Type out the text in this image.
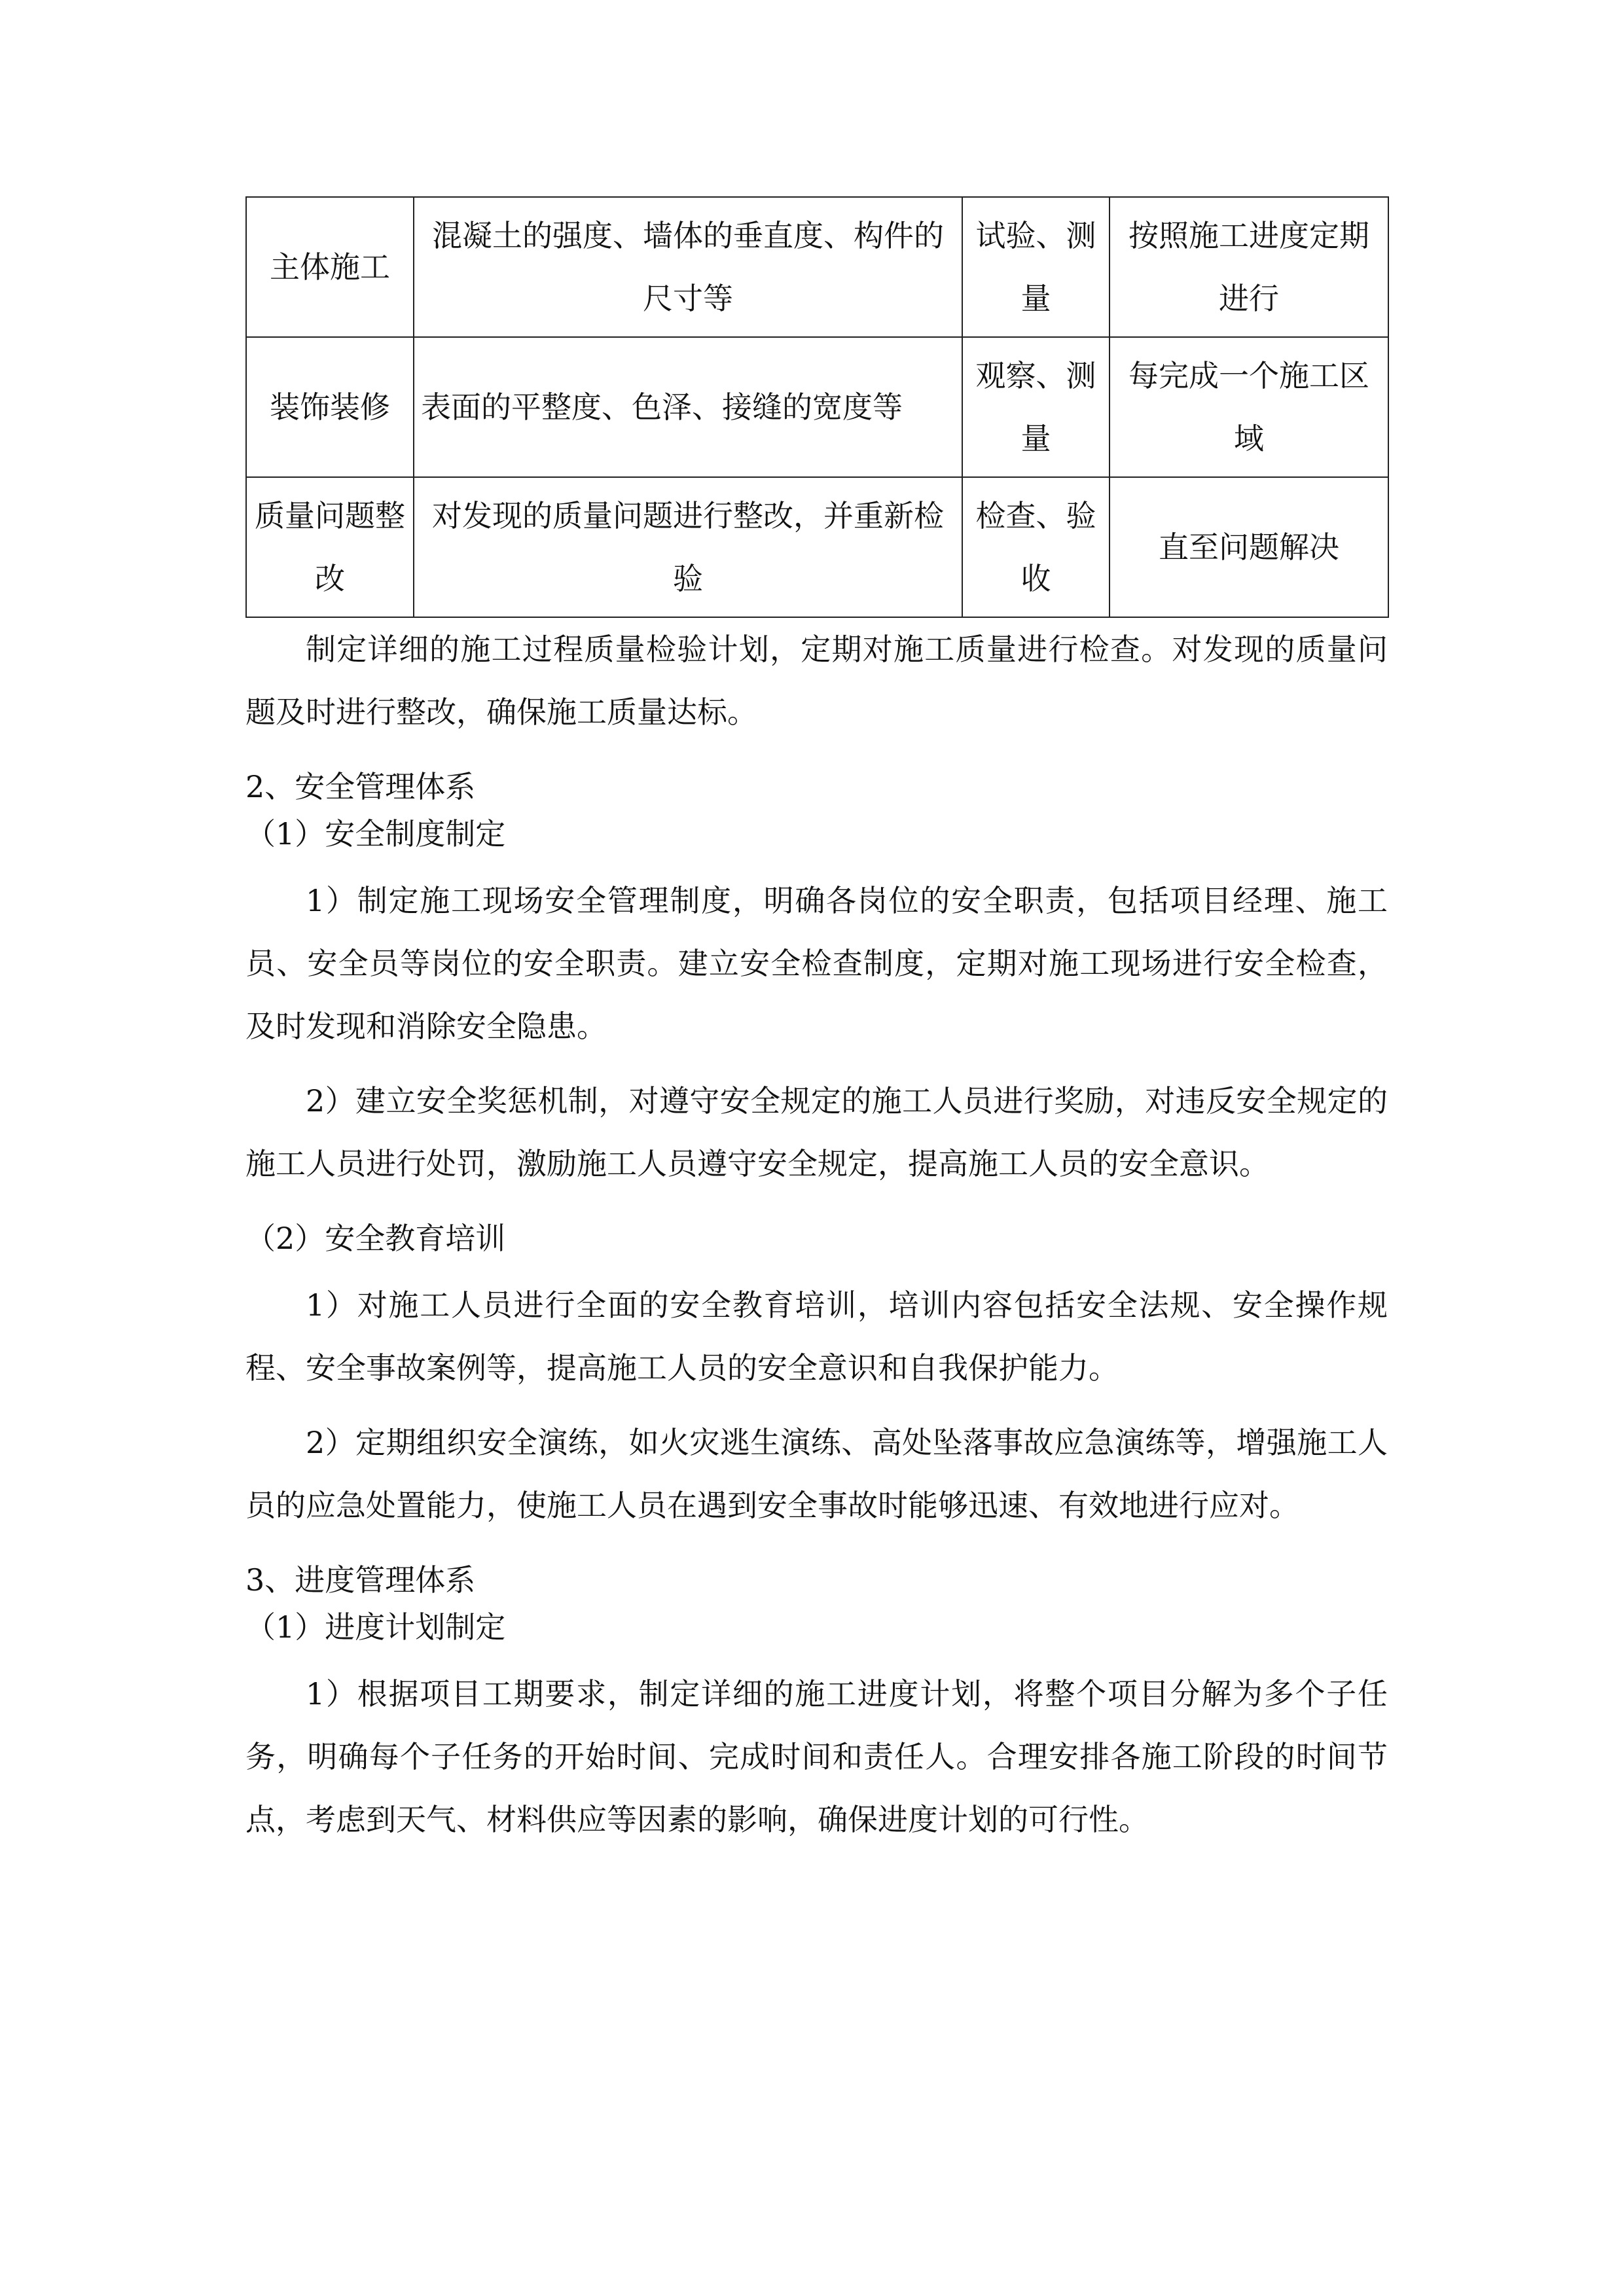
主体施工	混凝土的强度、墙体的垂直度、构件的尺寸等	试验、测量	按照施工进度定期进行
装饰装修	表面的平整度、色泽、接缝的宽度等	观察、测量	每完成一个施工区域
质量问题整改	对发现的质量问题进行整改，并重新检验	检查、验收	直至问题解决

制定详细的施工过程质量检验计划，定期对施工质量进行检查。对发现的质量问题及时进行整改，确保施工质量达标。

2、安全管理体系

（1）安全制度制定

1）制定施工现场安全管理制度，明确各岗位的安全职责，包括项目经理、施工员、安全员等岗位的安全职责。建立安全检查制度，定期对施工现场进行安全检查，及时发现和消除安全隐患。

2）建立安全奖惩机制，对遵守安全规定的施工人员进行奖励，对违反安全规定的施工人员进行处罚，激励施工人员遵守安全规定，提高施工人员的安全意识。

（2）安全教育培训

1）对施工人员进行全面的安全教育培训，培训内容包括安全法规、安全操作规程、安全事故案例等，提高施工人员的安全意识和自我保护能力。

2）定期组织安全演练，如火灾逃生演练、高处坠落事故应急演练等，增强施工人员的应急处置能力，使施工人员在遇到安全事故时能够迅速、有效地进行应对。

3、进度管理体系

（1）进度计划制定

1）根据项目工期要求，制定详细的施工进度计划，将整个项目分解为多个子任务，明确每个子任务的开始时间、完成时间和责任人。合理安排各施工阶段的时间节点，考虑到天气、材料供应等因素的影响，确保进度计划的可行性。
